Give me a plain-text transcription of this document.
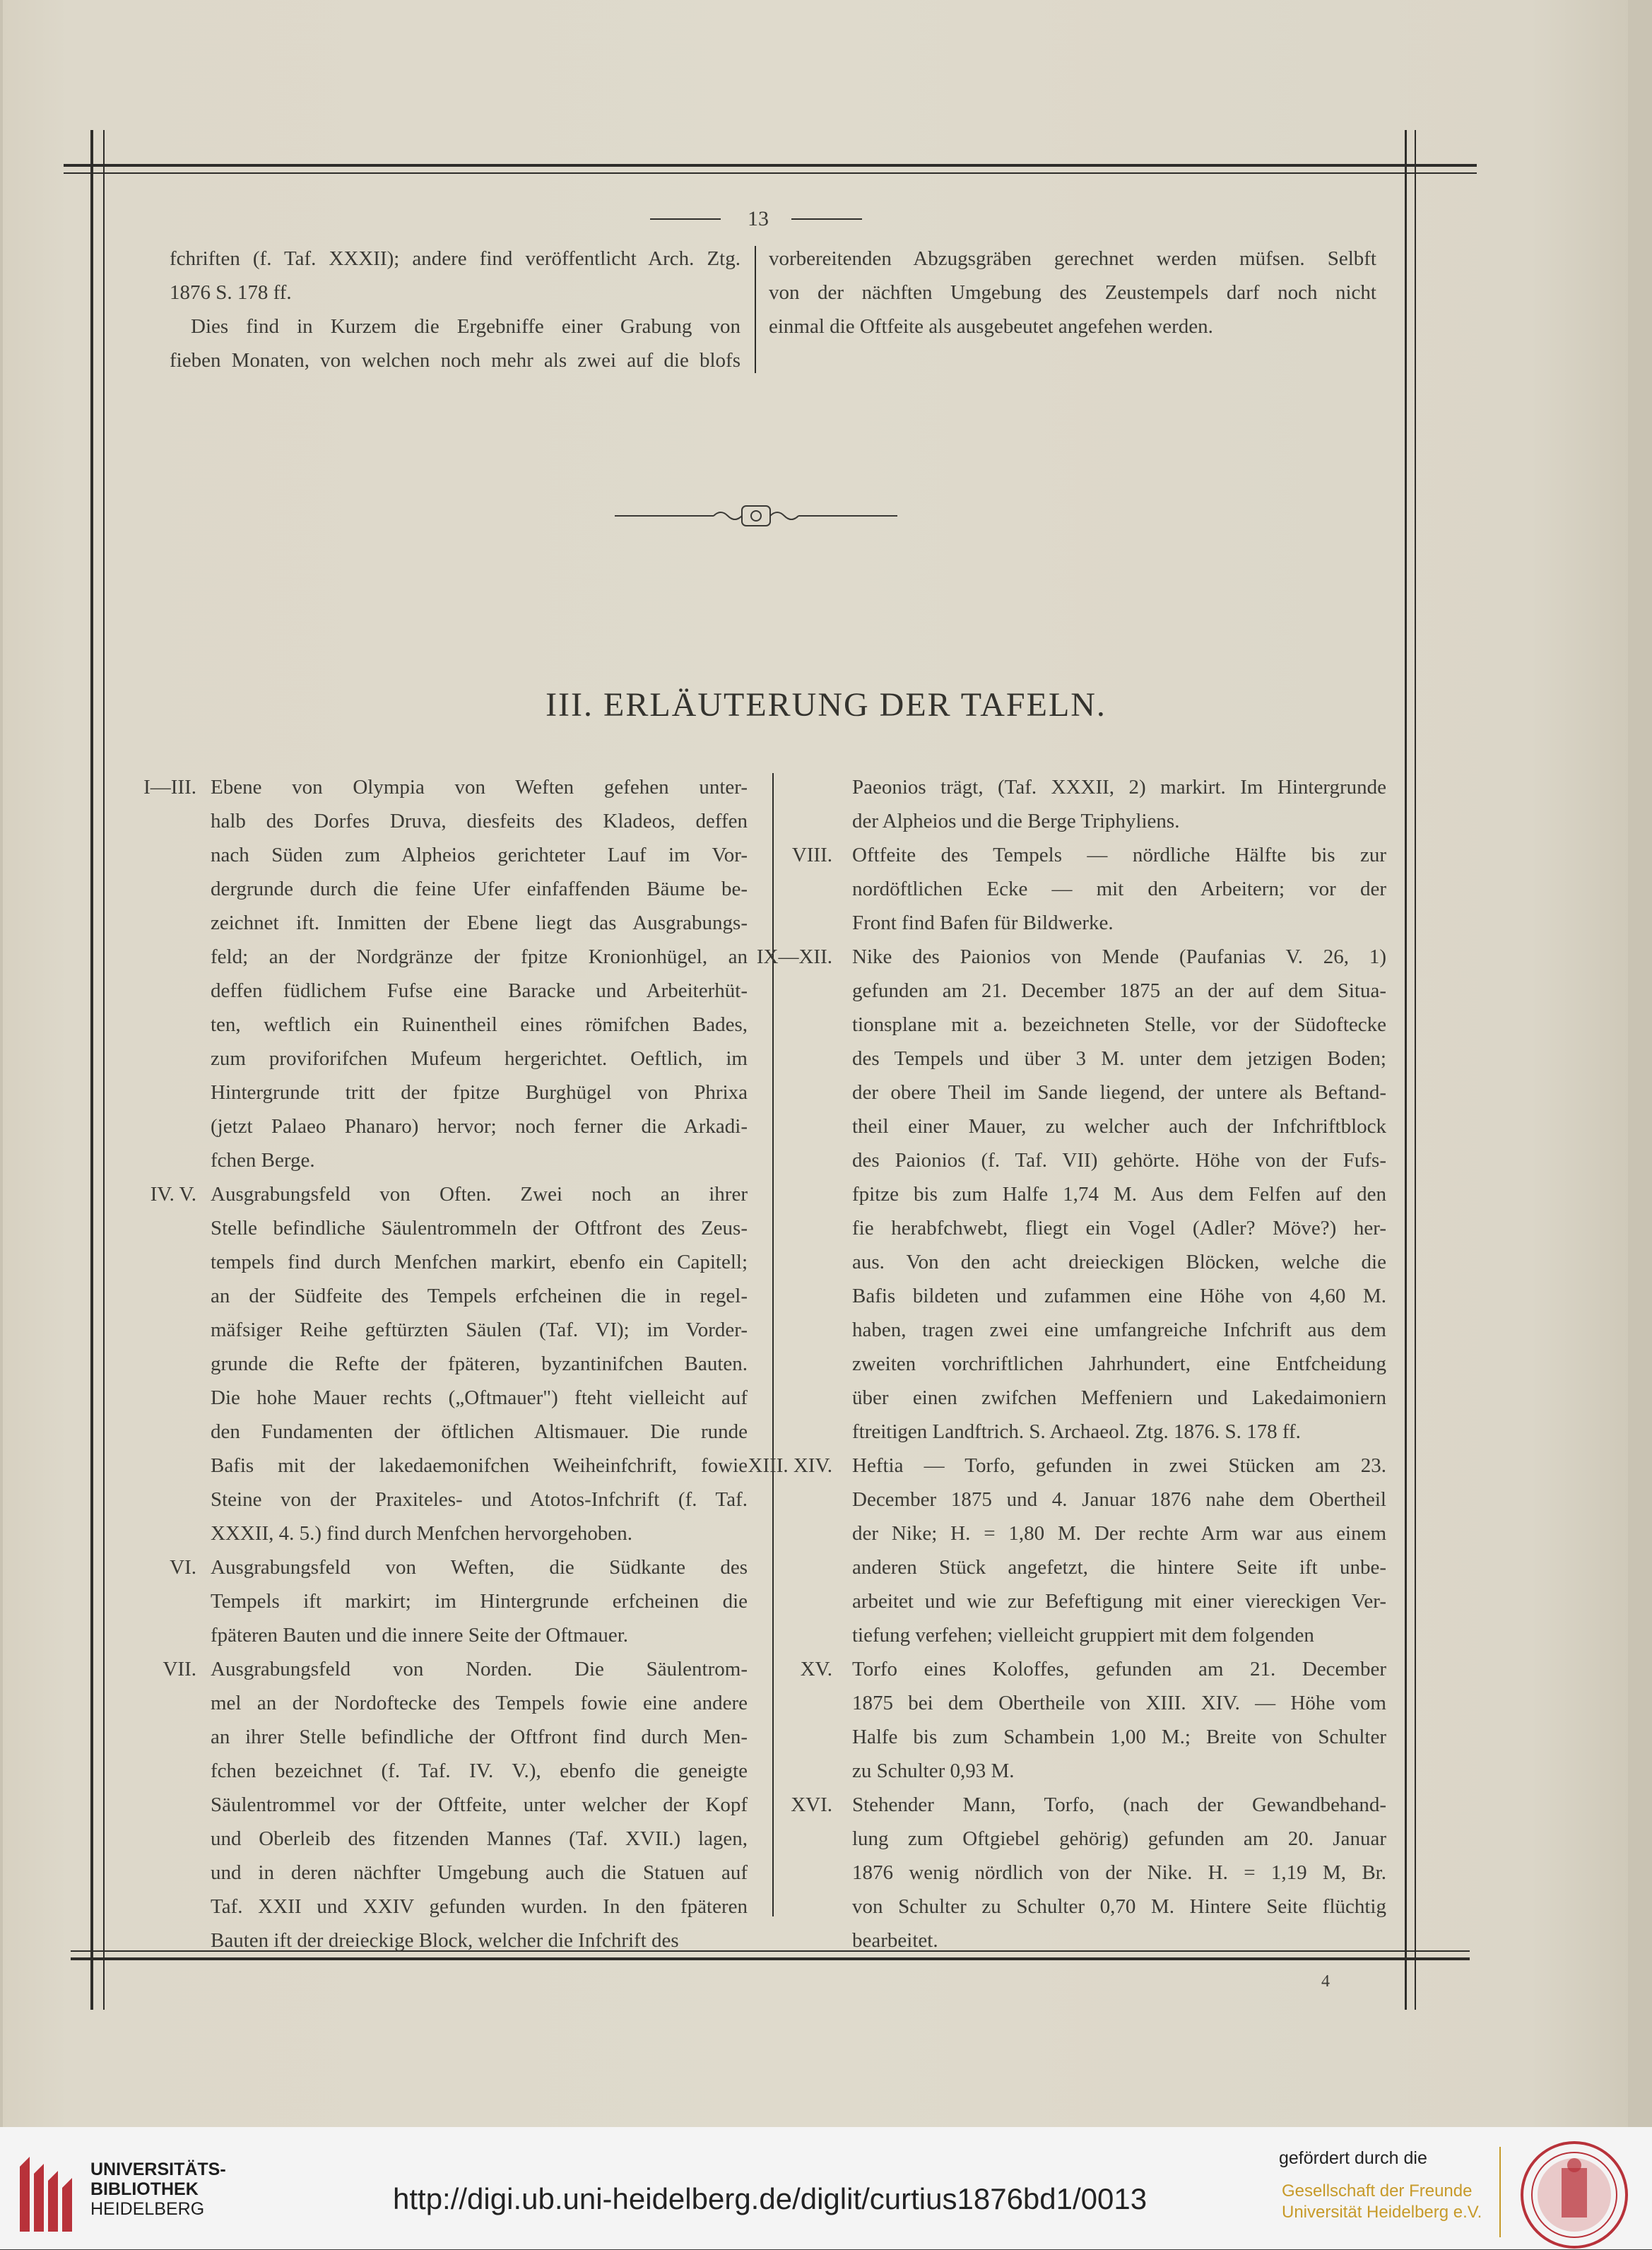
13
fchriften (f. Taf. XXXII); andere find veröffentlicht Arch. Ztg.
1876 S. 178 ff.
Dies find in Kurzem die Ergebniffe einer Grabung von
fieben Monaten, von welchen noch mehr als zwei auf die blofs
vorbereitenden Abzugsgräben gerechnet werden müfsen. Selbft
von der nächften Umgebung des Zeustempels darf noch nicht
einmal die Oftfeite als ausgebeutet angefehen werden.
III. ERLÄUTERUNG DER TAFELN.
I—III. Ebene von Olympia von Weften gefehen unter-
halb des Dorfes Druva, diesfeits des Kladeos, deffen
nach Süden zum Alpheios gerichteter Lauf im Vor-
dergrunde durch die feine Ufer einfaffenden Bäume be-
zeichnet ift. Inmitten der Ebene liegt das Ausgrabungs-
feld; an der Nordgränze der fpitze Kronionhügel, an
deffen füdlichem Fufse eine Baracke und Arbeiterhüt-
ten, weftlich ein Ruinentheil eines römifchen Bades,
zum proviforifchen Mufeum hergerichtet. Oeftlich, im
Hintergrunde tritt der fpitze Burghügel von Phrixa
(jetzt Palaeo Phanaro) hervor; noch ferner die Arkadi-
fchen Berge.
IV. V. Ausgrabungsfeld von Often. Zwei noch an ihrer
Stelle befindliche Säulentrommeln der Oftfront des Zeus-
tempels find durch Menfchen markirt, ebenfo ein Capitell;
an der Südfeite des Tempels erfcheinen die in regel-
mäfsiger Reihe geftürzten Säulen (Taf. VI); im Vorder-
grunde die Refte der fpäteren, byzantinifchen Bauten.
Die hohe Mauer rechts („Oftmauer") fteht vielleicht auf
den Fundamenten der öftlichen Altismauer. Die runde
Bafis mit der lakedaemonifchen Weiheinfchrift, fowie
Steine von der Praxiteles- und Atotos-Infchrift (f. Taf.
XXXII, 4. 5.) find durch Menfchen hervorgehoben.
VI. Ausgrabungsfeld von Weften, die Südkante des
Tempels ift markirt; im Hintergrunde erfcheinen die
fpäteren Bauten und die innere Seite der Oftmauer.
VII. Ausgrabungsfeld von Norden. Die Säulentrom-
mel an der Nordoftecke des Tempels fowie eine andere
an ihrer Stelle befindliche der Oftfront find durch Men-
fchen bezeichnet (f. Taf. IV. V.), ebenfo die geneigte
Säulentrommel vor der Oftfeite, unter welcher der Kopf
und Oberleib des fitzenden Mannes (Taf. XVII.) lagen,
und in deren nächfter Umgebung auch die Statuen auf
Taf. XXII und XXIV gefunden wurden. In den fpäteren
Bauten ift der dreieckige Block, welcher die Infchrift des
Paeonios trägt, (Taf. XXXII, 2) markirt. Im Hintergrunde
der Alpheios und die Berge Triphyliens.
VIII. Oftfeite des Tempels — nördliche Hälfte bis zur
nordöftlichen Ecke — mit den Arbeitern; vor der
Front find Bafen für Bildwerke.
IX—XII. Nike des Paionios von Mende (Paufanias V. 26, 1)
gefunden am 21. December 1875 an der auf dem Situa-
tionsplane mit a. bezeichneten Stelle, vor der Südoftecke
des Tempels und über 3 M. unter dem jetzigen Boden;
der obere Theil im Sande liegend, der untere als Beftand-
theil einer Mauer, zu welcher auch der Infchriftblock
des Paionios (f. Taf. VII) gehörte. Höhe von der Fufs-
fpitze bis zum Halfe 1,74 M. Aus dem Felfen auf den
fie herabfchwebt, fliegt ein Vogel (Adler? Möve?) her-
aus. Von den acht dreieckigen Blöcken, welche die
Bafis bildeten und zufammen eine Höhe von 4,60 M.
haben, tragen zwei eine umfangreiche Infchrift aus dem
zweiten vorchriftlichen Jahrhundert, eine Entfcheidung
über einen zwifchen Meffeniern und Lakedaimoniern
ftreitigen Landftrich. S. Archaeol. Ztg. 1876. S. 178 ff.
XIII. XIV. Heftia — Torfo, gefunden in zwei Stücken am 23.
December 1875 und 4. Januar 1876 nahe dem Obertheil
der Nike; H. = 1,80 M. Der rechte Arm war aus einem
anderen Stück angefetzt, die hintere Seite ift unbe-
arbeitet und wie zur Befeftigung mit einer viereckigen Ver-
tiefung verfehen; vielleicht gruppiert mit dem folgenden
XV. Torfo eines Koloffes, gefunden am 21. December
1875 bei dem Obertheile von XIII. XIV. — Höhe vom
Halfe bis zum Schambein 1,00 M.; Breite von Schulter
zu Schulter 0,93 M.
XVI. Stehender Mann, Torfo, (nach der Gewandbehand-
lung zum Oftgiebel gehörig) gefunden am 20. Januar
1876 wenig nördlich von der Nike. H. = 1,19 M, Br.
von Schulter zu Schulter 0,70 M. Hintere Seite flüchtig
bearbeitet.
4
UNIVERSITÄTS-
BIBLIOTHEK
HEIDELBERG	http://digi.ub.uni-heidelberg.de/diglit/curtius1876bd1/0013
gefördert durch die
Gesellschaft der Freunde
Universität Heidelberg e.V.
